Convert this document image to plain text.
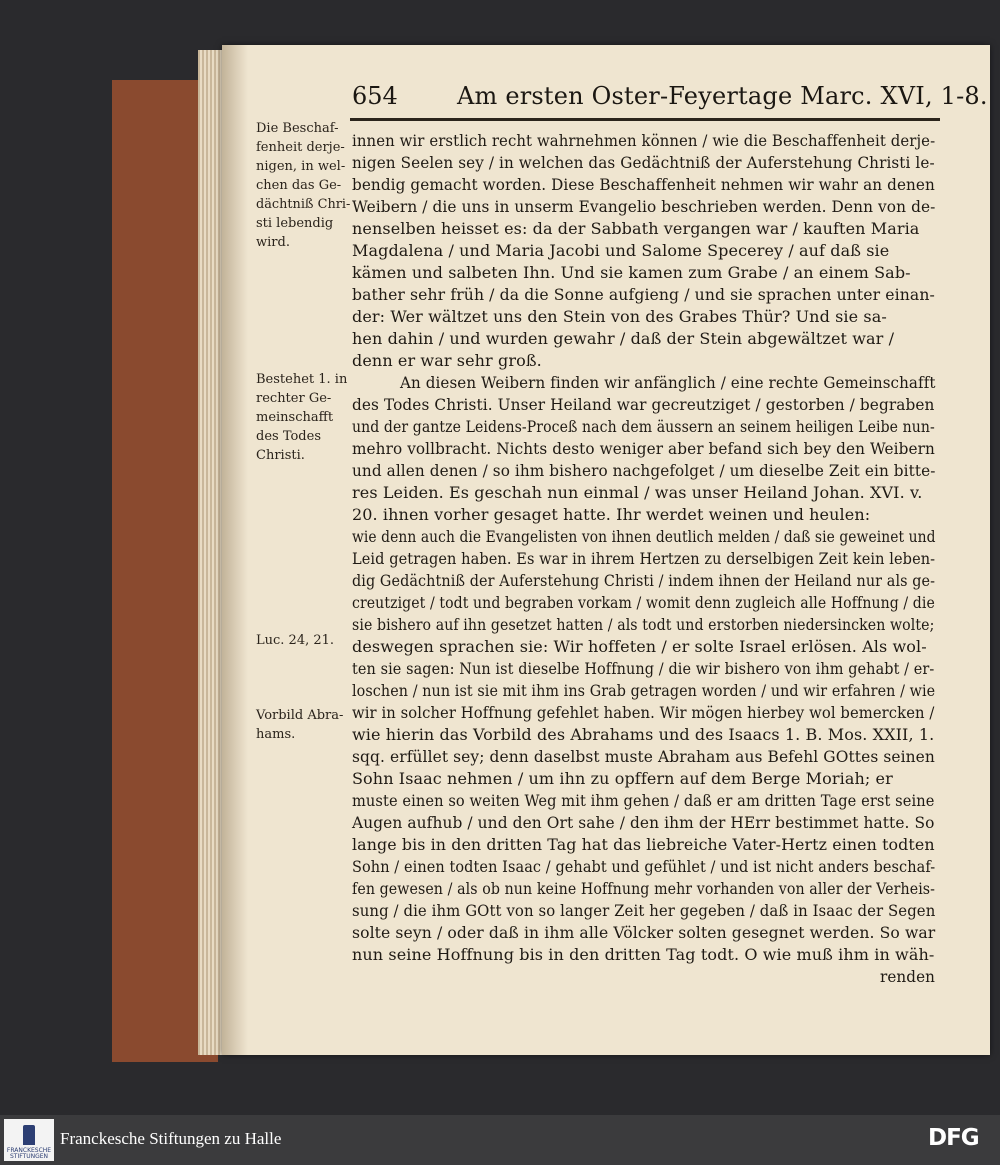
654 Am ersten Oster-Feyertage Marc. XVI, 1-8.
Die Beschaf-
fenheit derje-
nigen, in wel-
chen das Ge-
dächtniß Chri-
sti lebendig
wird.
Bestehet 1. in
rechter Ge-
meinschafft
des Todes
Christi.
Luc. 24, 21.
Vorbild Abra-
hams.
innen wir erstlich recht wahrnehmen können / wie die Beschaffenheit derje-
nigen Seelen sey / in welchen das Gedächtniß der Auferstehung Christi le-
bendig gemacht worden. Diese Beschaffenheit nehmen wir wahr an denen
Weibern / die uns in unserm Evangelio beschrieben werden. Denn von de-
nenselben heisset es: da der Sabbath vergangen war / kauften Maria
Magdalena / und Maria Jacobi und Salome Specerey / auf daß sie
kämen und salbeten Ihn. Und sie kamen zum Grabe / an einem Sab-
bather sehr früh / da die Sonne aufgieng / und sie sprachen unter einan-
der: Wer wältzet uns den Stein von des Grabes Thür? Und sie sa-
hen dahin / und wurden gewahr / daß der Stein abgewältzet war /
denn er war sehr groß.
An diesen Weibern finden wir anfänglich / eine rechte Gemeinschafft
des Todes Christi. Unser Heiland war gecreutziget / gestorben / begraben
und der gantze Leidens-Proceß nach dem äussern an seinem heiligen Leibe nun-
mehro vollbracht. Nichts desto weniger aber befand sich bey den Weibern
und allen denen / so ihm bishero nachgefolget / um dieselbe Zeit ein bitte-
res Leiden. Es geschah nun einmal / was unser Heiland Johan. XVI. v.
20. ihnen vorher gesaget hatte. Ihr werdet weinen und heulen:
wie denn auch die Evangelisten von ihnen deutlich melden / daß sie geweinet und
Leid getragen haben. Es war in ihrem Hertzen zu derselbigen Zeit kein leben-
dig Gedächtniß der Auferstehung Christi / indem ihnen der Heiland nur als ge-
creutziget / todt und begraben vorkam / womit denn zugleich alle Hoffnung / die
sie bishero auf ihn gesetzet hatten / als todt und erstorben niedersincken wolte;
deswegen sprachen sie: Wir hoffeten / er solte Israel erlösen. Als wol-
ten sie sagen: Nun ist dieselbe Hoffnung / die wir bishero von ihm gehabt / er-
loschen / nun ist sie mit ihm ins Grab getragen worden / und wir erfahren / wie
wir in solcher Hoffnung gefehlet haben. Wir mögen hierbey wol bemercken /
wie hierin das Vorbild des Abrahams und des Isaacs 1. B. Mos. XXII, 1.
sqq. erfüllet sey; denn daselbst muste Abraham aus Befehl GOttes seinen
Sohn Isaac nehmen / um ihn zu opffern auf dem Berge Moriah; er
muste einen so weiten Weg mit ihm gehen / daß er am dritten Tage erst seine
Augen aufhub / und den Ort sahe / den ihm der HErr bestimmet hatte. So
lange bis in den dritten Tag hat das liebreiche Vater-Hertz einen todten
Sohn / einen todten Isaac / gehabt und gefühlet / und ist nicht anders beschaf-
fen gewesen / als ob nun keine Hoffnung mehr vorhanden von aller der Verheis-
sung / die ihm GOtt von so langer Zeit her gegeben / daß in Isaac der Segen
solte seyn / oder daß in ihm alle Völcker solten gesegnet werden. So war
nun seine Hoffnung bis in den dritten Tag todt. O wie muß ihm in wäh-
renden
FRANCKESCHE STIFTUNGEN
Franckesche Stiftungen zu Halle	DFG
